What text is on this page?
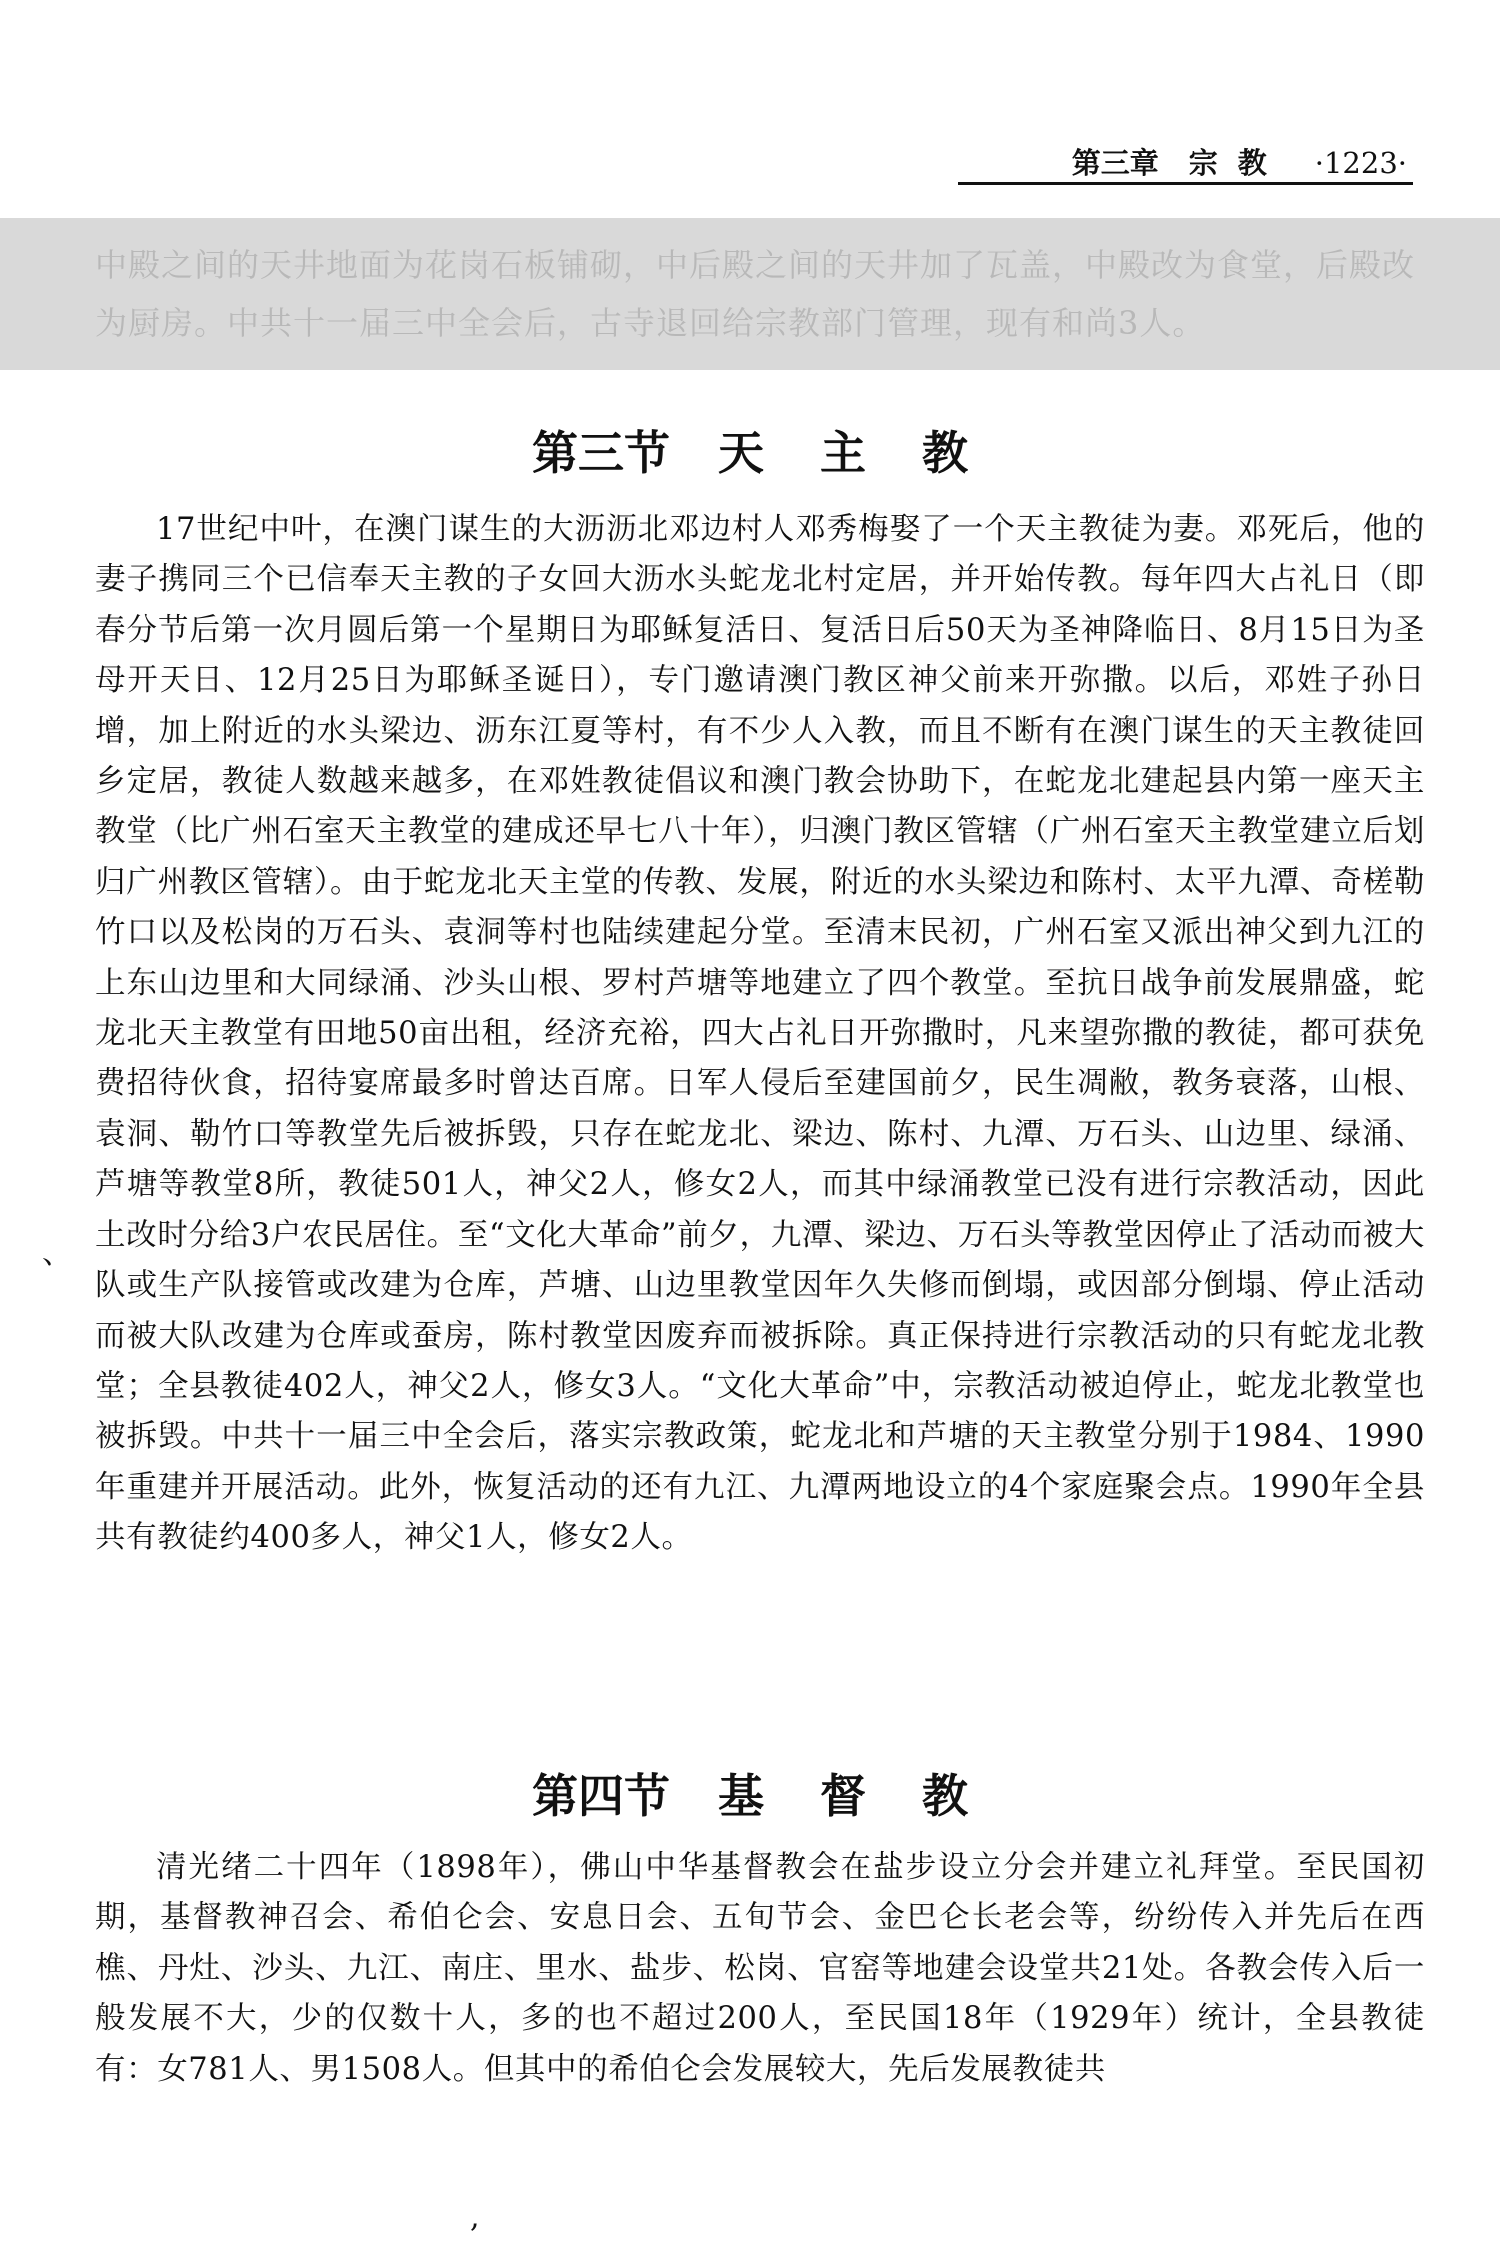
第三章 宗教 ·1223·

中殿之间的天井地面为花岗石板铺砌，中后殿之间的天井加了瓦盖，中殿改为食堂，后殿改为厨房。中共十一届三中全会后，古寺退回给宗教部门管理，现有和尚3人。

第三节 天主教

17世纪中叶，在澳门谋生的大沥沥北邓边村人邓秀梅娶了一个天主教徒为妻。邓死后，他的妻子携同三个已信奉天主教的子女回大沥水头蛇龙北村定居，并开始传教。每年四大占礼日（即春分节后第一次月圆后第一个星期日为耶稣复活日、复活日后50天为圣神降临日、8月15日为圣母开天日、12月25日为耶稣圣诞日），专门邀请澳门教区神父前来开弥撒。以后，邓姓子孙日增，加上附近的水头梁边、沥东江夏等村，有不少人入教，而且不断有在澳门谋生的天主教徒回乡定居，教徒人数越来越多，在邓姓教徒倡议和澳门教会协助下，在蛇龙北建起县内第一座天主教堂（比广州石室天主教堂的建成还早七八十年），归澳门教区管辖（广州石室天主教堂建立后划归广州教区管辖）。由于蛇龙北天主堂的传教、发展，附近的水头梁边和陈村、太平九潭、奇槎勒竹口以及松岗的万石头、袁洞等村也陆续建起分堂。至清末民初，广州石室又派出神父到九江的上东山边里和大同绿涌、沙头山根、罗村芦塘等地建立了四个教堂。至抗日战争前发展鼎盛，蛇龙北天主教堂有田地50亩出租，经济充裕，四大占礼日开弥撒时，凡来望弥撒的教徒，都可获免费招待伙食，招待宴席最多时曾达百席。日军人侵后至建国前夕，民生凋敝，教务衰落，山根、袁洞、勒竹口等教堂先后被拆毁，只存在蛇龙北、梁边、陈村、九潭、万石头、山边里、绿涌、芦塘等教堂8所，教徒501人，神父2人，修女2人，而其中绿涌教堂已没有进行宗教活动，因此土改时分给3户农民居住。至“文化大革命”前夕，九潭、梁边、万石头等教堂因停止了活动而被大队或生产队接管或改建为仓库，芦塘、山边里教堂因年久失修而倒塌，或因部分倒塌、停止活动而被大队改建为仓库或蚕房，陈村教堂因废弃而被拆除。真正保持进行宗教活动的只有蛇龙北教堂；全县教徒402人，神父2人，修女3人。“文化大革命”中，宗教活动被迫停止，蛇龙北教堂也被拆毁。中共十一届三中全会后，落实宗教政策，蛇龙北和芦塘的天主教堂分别于1984、1990年重建并开展活动。此外，恢复活动的还有九江、九潭两地设立的4个家庭聚会点。1990年全县共有教徒约400多人，神父1人，修女2人。

、
,
第四节 基督教

清光绪二十四年（1898年），佛山中华基督教会在盐步设立分会并建立礼拜堂。至民国初期，基督教神召会、希伯仑会、安息日会、五旬节会、金巴仑长老会等，纷纷传入并先后在西樵、丹灶、沙头、九江、南庄、里水、盐步、松岗、官窑等地建会设堂共21处。各教会传入后一般发展不大，少的仅数十人，多的也不超过200人，至民国18年（1929年）统计，全县教徒有：女781人、男1508人。但其中的希伯仑会发展较大，先后发展教徒共
